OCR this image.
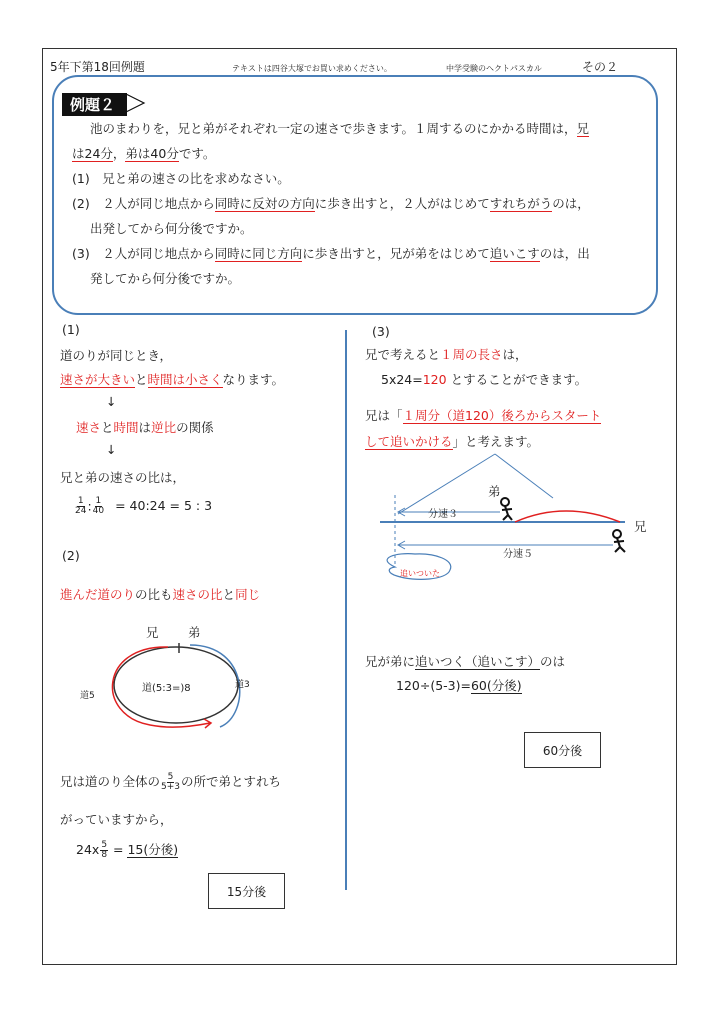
5年下第18回例題	テキストは四谷大塚でお買い求めください。	中学受験のヘクトパスカル	その２
例題２
池のまわりを，兄と弟がそれぞれ一定の速さで歩きます。１周するのにかかる時間は，兄
は24分，弟は40分です。
(1)　兄と弟の速さの比を求めなさい。
(2)　２人が同じ地点から同時に反対の方向に歩き出すと，２人がはじめてすれちがうのは，
出発してから何分後ですか。
(3)　２人が同じ地点から同時に同じ方向に歩き出すと，兄が弟をはじめて追いこすのは，出
発してから何分後ですか。
(1)
道のりが同じとき，
速さが大きいと時間は小さくなります。
↓
速さと時間は逆比の関係
↓
兄と弟の速さの比は，
$\frac{1}{24}$ : $\frac{1}{40}$ = 40:24 = 5 : 3
(2)
進んだ道のりの比も速さの比と同じ
兄 弟
道(5:3=)8
道5
道3
兄は道のり全体の $\frac{5}{5+3}$ の所で弟とすれち
がっていますから，
$24x \frac{5}{8} = 15$(分後)
15分後
(3)
兄で考えると１周の長さは，
5x24=120 とすることができます。
兄は「１周分（道120）後ろからスタート
して追いかける」と考えます。
弟
兄
分速３
分速５
追いついた
兄が弟に追いつく（追いこす）のは
120÷(5-3)=60(分後)
60分後
